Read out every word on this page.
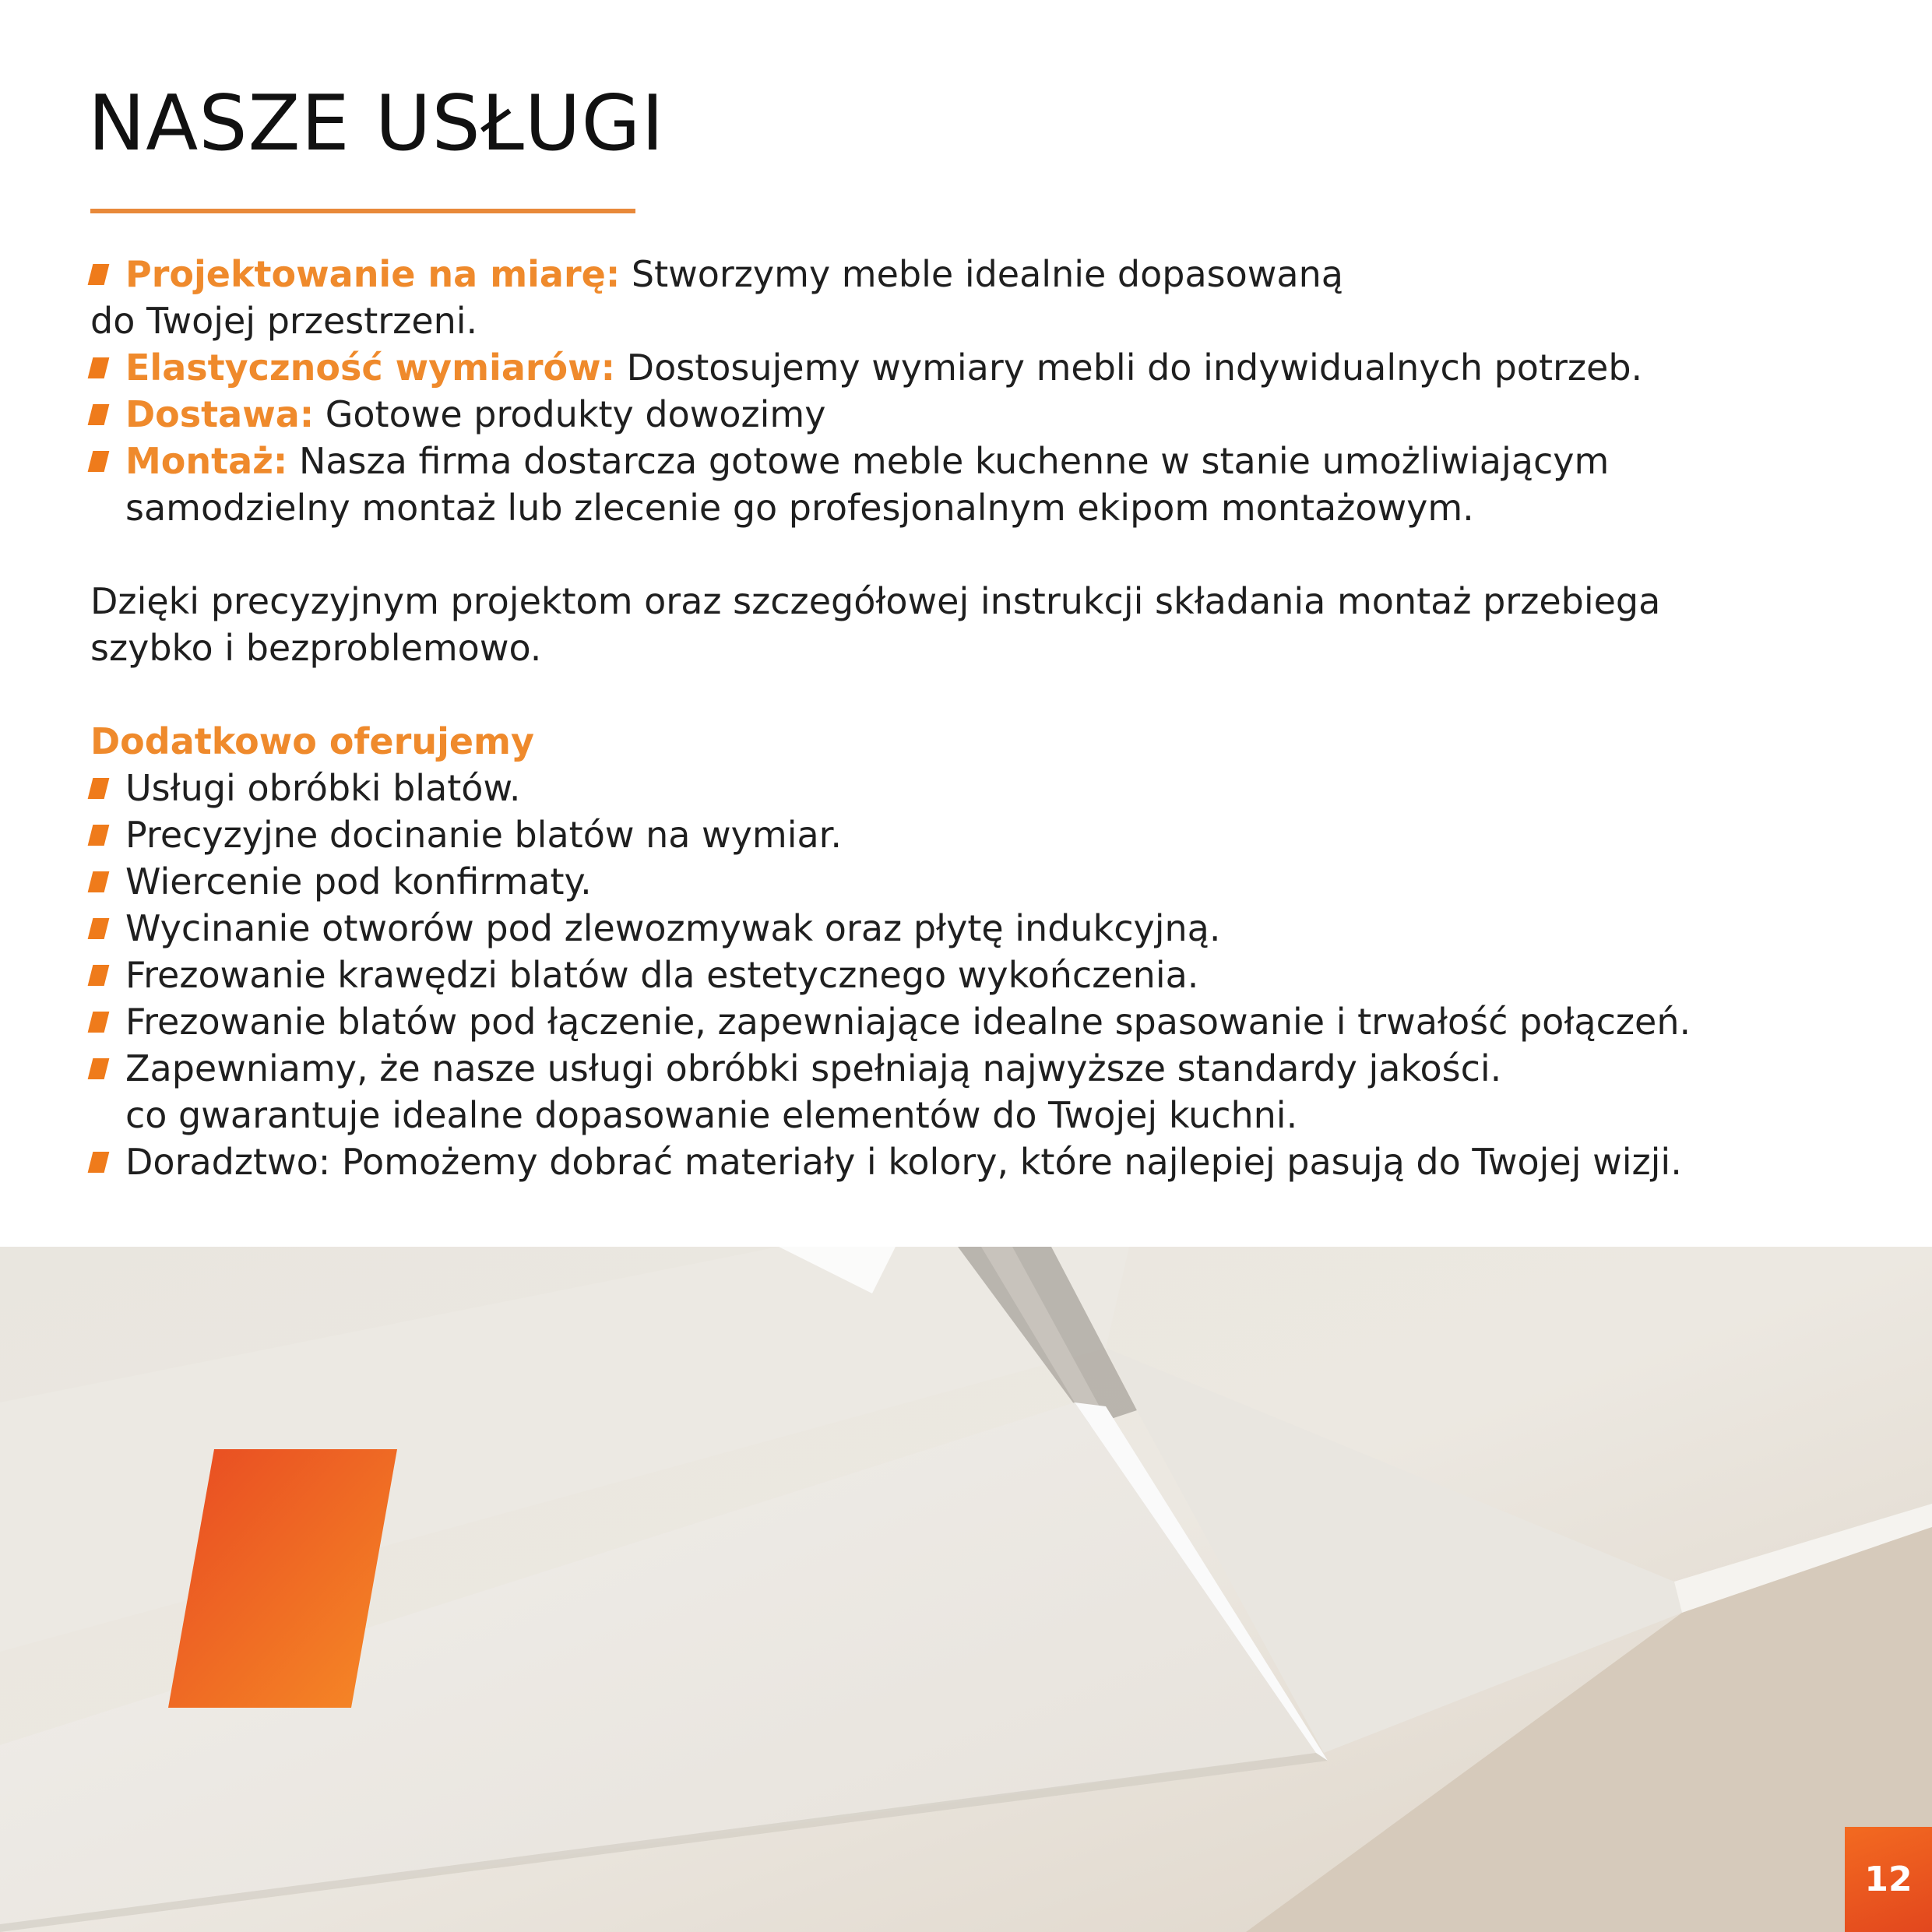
NASZE USŁUGI
Projektowanie na miarę: Stworzymy meble idealnie dopasowaną
do Twojej przestrzeni.
Elastyczność wymiarów: Dostosujemy wymiary mebli do indywidualnych potrzeb.
Dostawa: Gotowe produkty dowozimy
Montaż: Nasza firma dostarcza gotowe meble kuchenne w stanie umożliwiającym
samodzielny montaż lub zlecenie go profesjonalnym ekipom montażowym.
Dzięki precyzyjnym projektom oraz szczegółowej instrukcji składania montaż przebiega
szybko i bezproblemowo.
Dodatkowo oferujemy
Usługi obróbki blatów.
Precyzyjne docinanie blatów na wymiar.
Wiercenie pod konfirmaty.
Wycinanie otworów pod zlewozmywak oraz płytę indukcyjną.
Frezowanie krawędzi blatów dla estetycznego wykończenia.
Frezowanie blatów pod łączenie, zapewniające idealne spasowanie i trwałość połączeń.
Zapewniamy, że nasze usługi obróbki spełniają najwyższe standardy jakości.
co gwarantuje idealne dopasowanie elementów do Twojej kuchni.
Doradztwo: Pomożemy dobrać materiały i kolory, które najlepiej pasują do Twojej wizji.
12
